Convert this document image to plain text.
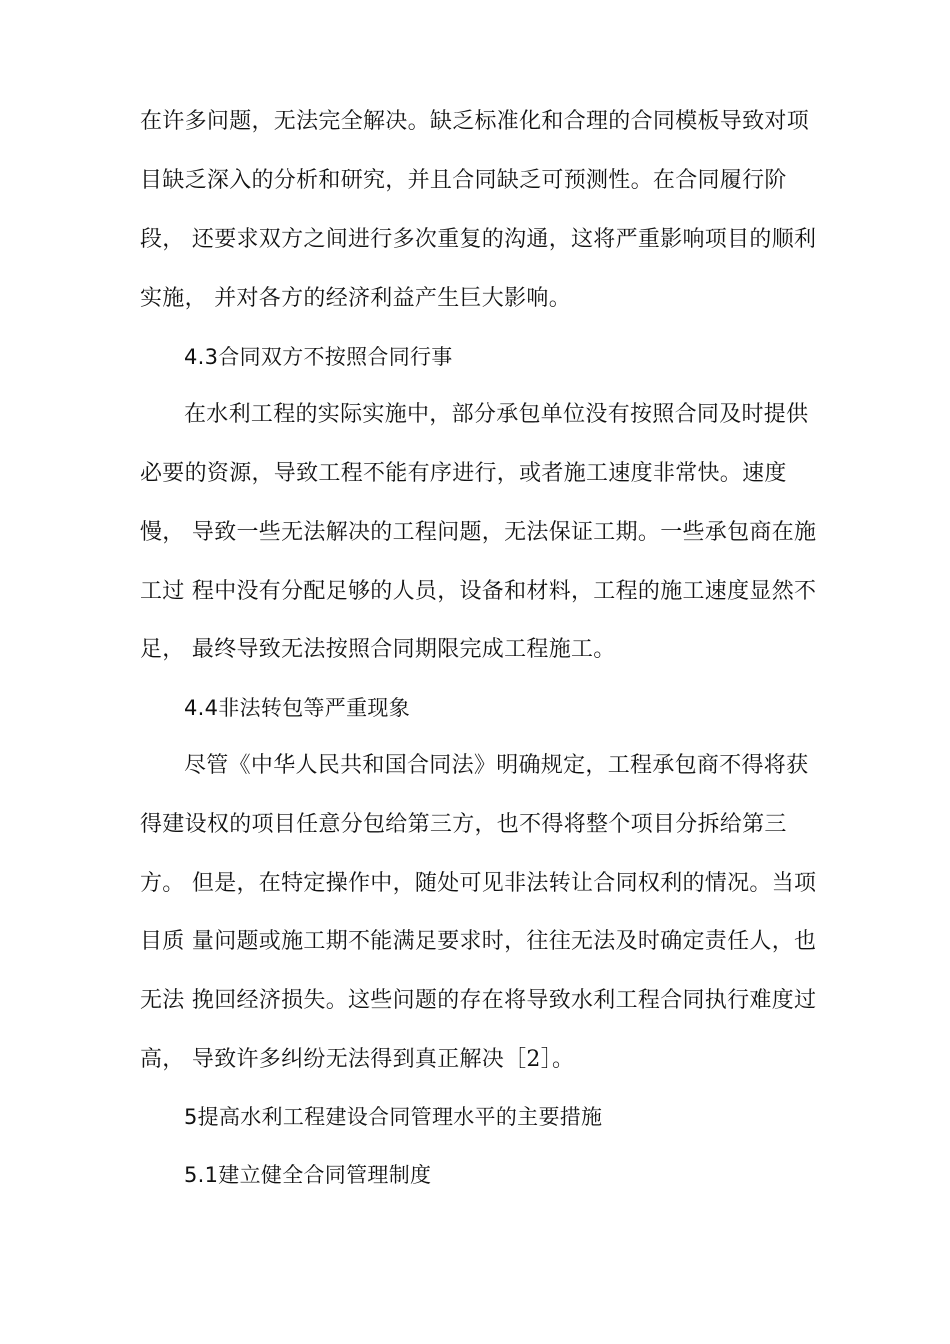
在许多问题，无法完全解决。缺乏标准化和合理的合同模板导致对项
目缺乏深入的分析和研究，并且合同缺乏可预测性。在合同履行阶
段， 还要求双方之间进行多次重复的沟通，这将严重影响项目的顺利
实施， 并对各方的经济利益产生巨大影响。
4.3合同双方不按照合同行事
在水利工程的实际实施中，部分承包单位没有按照合同及时提供
必要的资源，导致工程不能有序进行，或者施工速度非常快。速度
慢， 导致一些无法解决的工程问题，无法保证工期。一些承包商在施
工过 程中没有分配足够的人员，设备和材料，工程的施工速度显然不
足， 最终导致无法按照合同期限完成工程施工。
4.4非法转包等严重现象
尽管《中华人民共和国合同法》明确规定，工程承包商不得将获
得建设权的项目任意分包给第三方，也不得将整个项目分拆给第三
方。 但是，在特定操作中，随处可见非法转让合同权利的情况。当项
目质 量问题或施工期不能满足要求时，往往无法及时确定责任人，也
无法 挽回经济损失。这些问题的存在将导致水利工程合同执行难度过
高， 导致许多纠纷无法得到真正解决［2］。
5提高水利工程建设合同管理水平的主要措施
5.1建立健全合同管理制度
